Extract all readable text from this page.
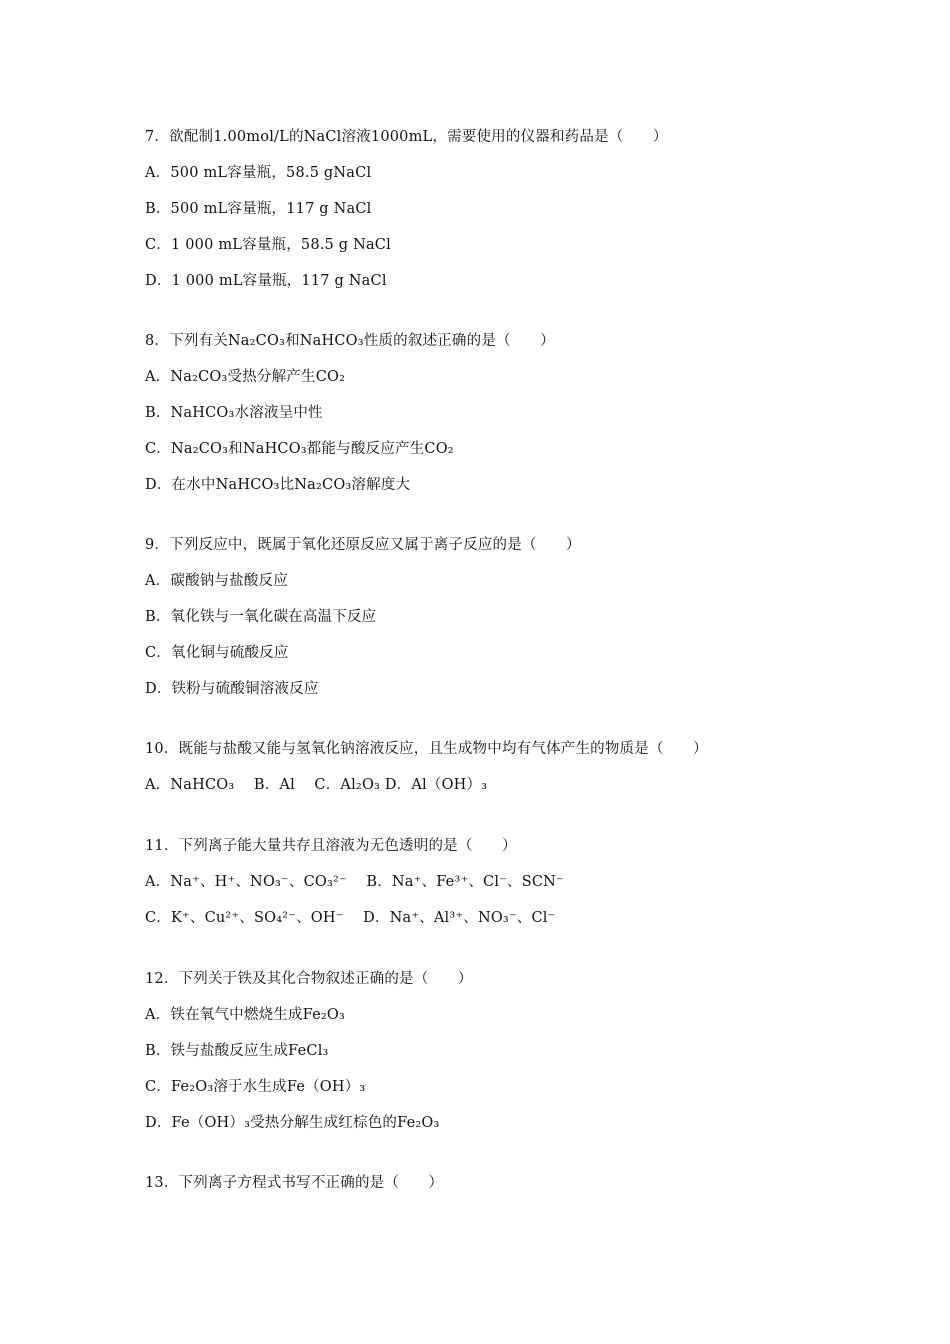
7．欲配制1.00mol/L的NaCl溶液1000mL，需要使用的仪器和药品是（　　）
A．500 mL容量瓶，58.5 gNaCl
B．500 mL容量瓶，117 g NaCl
C．1 000 mL容量瓶，58.5 g NaCl
D．1 000 mL容量瓶，117 g NaCl
8．下列有关Na₂CO₃和NaHCO₃性质的叙述正确的是（　　）
A．Na₂CO₃受热分解产生CO₂
B．NaHCO₃水溶液呈中性
C．Na₂CO₃和NaHCO₃都能与酸反应产生CO₂
D．在水中NaHCO₃比Na₂CO₃溶解度大
9．下列反应中，既属于氧化还原反应又属于离子反应的是（　　）
A．碳酸钠与盐酸反应
B．氧化铁与一氧化碳在高温下反应
C．氧化铜与硫酸反应
D．铁粉与硫酸铜溶液反应
10．既能与盐酸又能与氢氧化钠溶液反应，且生成物中均有气体产生的物质是（　　）
A．NaHCO₃　 B．Al　 C．Al₂O₃ D．Al（OH）₃
11．下列离子能大量共存且溶液为无色透明的是（　　）
A．Na⁺、H⁺、NO₃⁻、CO₃²⁻　 B．Na⁺、Fe³⁺、Cl⁻、SCN⁻
C．K⁺、Cu²⁺、SO₄²⁻、OH⁻　 D．Na⁺、Al³⁺、NO₃⁻、Cl⁻
12．下列关于铁及其化合物叙述正确的是（　　）
A．铁在氧气中燃烧生成Fe₂O₃
B．铁与盐酸反应生成FeCl₃
C．Fe₂O₃溶于水生成Fe（OH）₃
D．Fe（OH）₃受热分解生成红棕色的Fe₂O₃
13．下列离子方程式书写不正确的是（　　）
